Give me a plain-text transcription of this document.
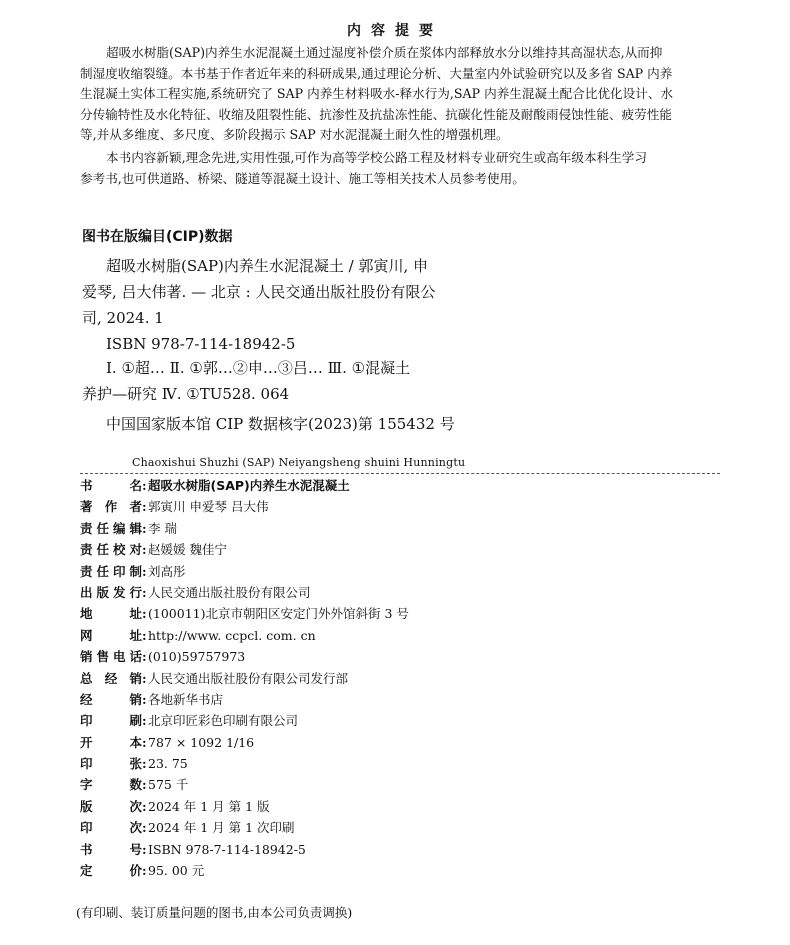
内容提要
超吸水树脂(SAP)内养生水泥混凝土通过湿度补偿介质在浆体内部释放水分以维持其高湿状态,从而抑
制湿度收缩裂缝。本书基于作者近年来的科研成果,通过理论分析、大量室内外试验研究以及多省 SAP 内养
生混凝土实体工程实施,系统研究了 SAP 内养生材料吸水-释水行为,SAP 内养生混凝土配合比优化设计、水
分传输特性及水化特征、收缩及阻裂性能、抗渗性及抗盐冻性能、抗碳化性能及耐酸雨侵蚀性能、疲劳性能
等,并从多维度、多尺度、多阶段揭示 SAP 对水泥混凝土耐久性的增强机理。
本书内容新颖,理念先进,实用性强,可作为高等学校公路工程及材料专业研究生或高年级本科生学习
参考书,也可供道路、桥梁、隧道等混凝土设计、施工等相关技术人员参考使用。
图书在版编目(CIP)数据
超吸水树脂(SAP)内养生水泥混凝土 / 郭寅川, 申
爱琴, 吕大伟著. — 北京 : 人民交通出版社股份有限公
司, 2024. 1
ISBN 978-7-114-18942-5
Ⅰ. ①超… Ⅱ. ①郭…②申…③吕… Ⅲ. ①混凝土
养护—研究 Ⅳ. ①TU528. 064
中国国家版本馆 CIP 数据核字(2023)第 155432 号
Chaoxishui Shuzhi (SAP) Neiyangsheng shuini Hunningtu
书	名 : 超吸水树脂(SAP)内养生水泥混凝土
著 作 者 : 郭寅川 申爱琴 吕大伟
责 任 编 辑 : 李 瑞
责 任 校 对 : 赵媛媛 魏佳宁
责 任 印 制 : 刘高彤
出 版 发 行 : 人民交通出版社股份有限公司
地	址 : (100011)北京市朝阳区安定门外外馆斜街 3 号
网	址 : http://www. ccpcl. com. cn
销 售 电 话 : (010)59757973
总 经 销 : 人民交通出版社股份有限公司发行部
经	销 : 各地新华书店
印	刷 : 北京印匠彩色印刷有限公司
开	本 : 787 × 1092 1/16
印	张 : 23. 75
字	数 : 575 千
版	次 : 2024 年 1 月 第 1 版
印	次 : 2024 年 1 月 第 1 次印刷
书	号 : ISBN 978-7-114-18942-5
定	价 : 95. 00 元
(有印刷、装订质量问题的图书,由本公司负责调换)
